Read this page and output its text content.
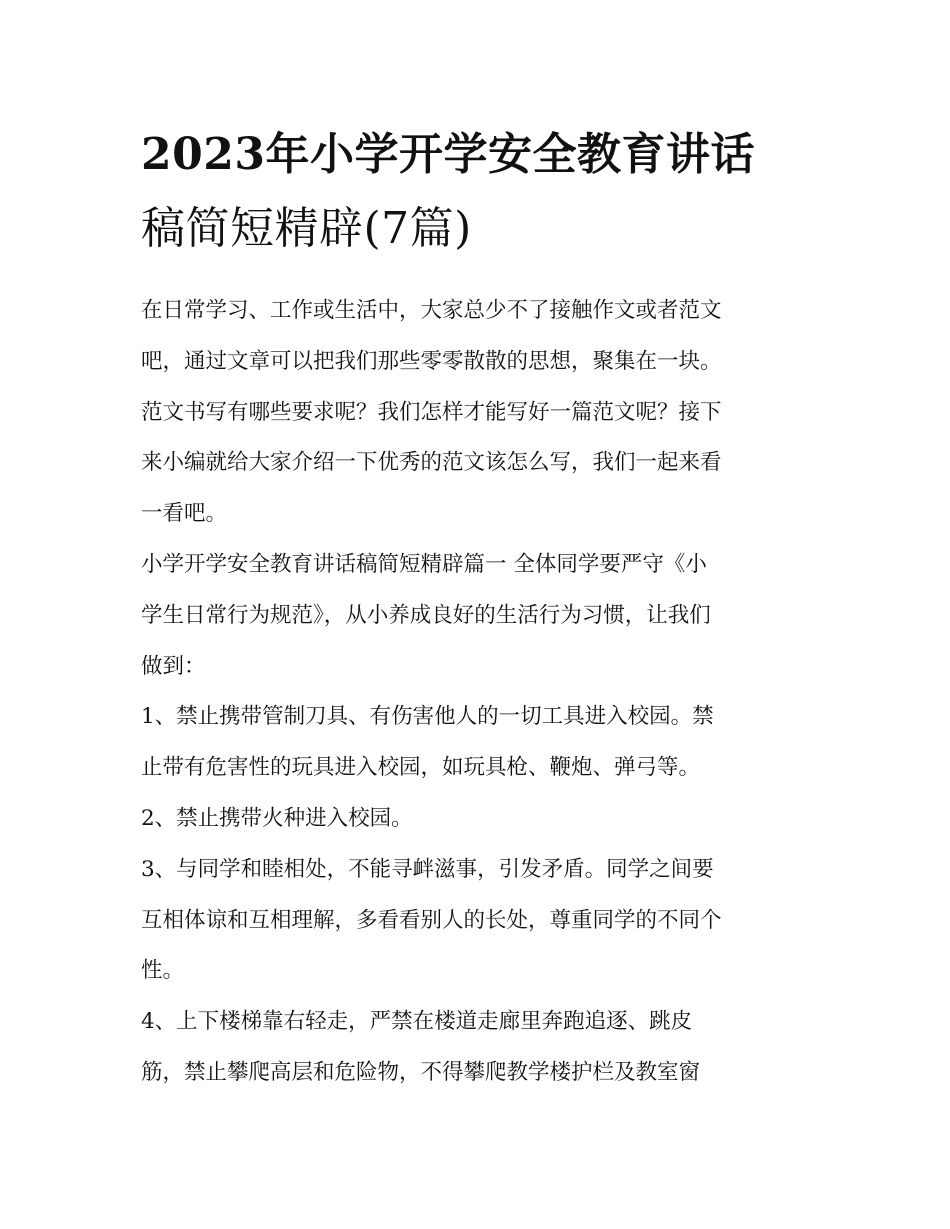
2023年小学开学安全教育讲话
稿简短精辟(7篇)
在日常学习、工作或生活中，大家总少不了接触作文或者范文
吧，通过文章可以把我们那些零零散散的思想，聚集在一块。
范文书写有哪些要求呢？我们怎样才能写好一篇范文呢？接下
来小编就给大家介绍一下优秀的范文该怎么写，我们一起来看
一看吧。
小学开学安全教育讲话稿简短精辟篇一 全体同学要严守《小
学生日常行为规范》，从小养成良好的生活行为习惯，让我们
做到：
1、禁止携带管制刀具、有伤害他人的一切工具进入校园。禁
止带有危害性的玩具进入校园，如玩具枪、鞭炮、弹弓等。
2、禁止携带火种进入校园。
3、与同学和睦相处，不能寻衅滋事，引发矛盾。同学之间要
互相体谅和互相理解，多看看别人的长处，尊重同学的不同个
性。
4、上下楼梯靠右轻走，严禁在楼道走廊里奔跑追逐、跳皮
筋，禁止攀爬高层和危险物，不得攀爬教学楼护栏及教室窗
